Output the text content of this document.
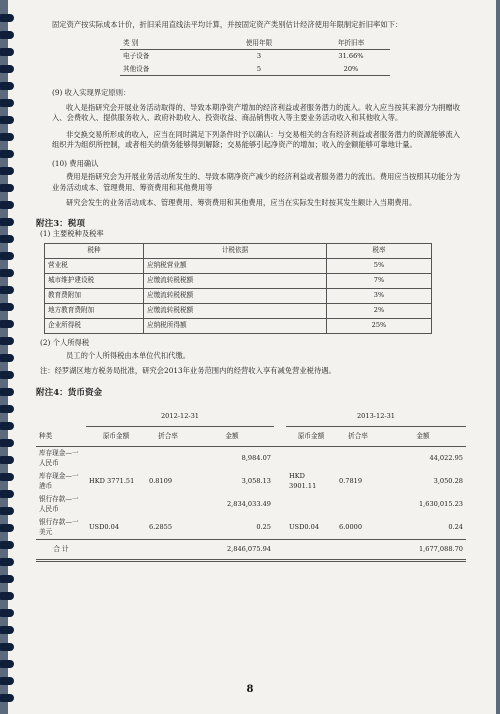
固定资产按实际成本计价，折旧采用直线法平均计算，并按固定资产类别估计经济使用年限制定折旧率如下：

类 别	使用年限	年折旧率
电子设备	3	31.66%
其他设备	5	20%

(9) 收入实现界定原则：

收入是指研究会开展业务活动取得的、导致本期净资产增加的经济利益或者服务潜力的流入。收入应当按其来源分为捐赠收入、会费收入、提供服务收入、政府补助收入、投资收益、商品销售收入等主要业务活动收入和其他收入等。

非交换交易所形成的收入，应当在同时满足下列条件时予以确认：与交易相关的含有经济利益或者服务潜力的资源能够流入组织并为组织所控制，或者相关的债务能够得到解除；交易能够引起净资产的增加；收入的金额能够可靠地计量。

(10) 费用确认

费用是指研究会为开展业务活动所发生的、导致本期净资产减少的经济利益或者服务潜力的流出。费用应当按照其功能分为业务活动成本、管理费用、筹资费用和其他费用等

研究会发生的业务活动成本、管理费用、筹资费用和其他费用，应当在实际发生时按其发生额计入当期费用。

附注3：税项

(1) 主要税种及税率

税种	计税依据	税率
营业税	应纳税营业额	5%
城市维护建设税	应缴流转税税额	7%
教育费附加	应缴流转税税额	3%
地方教育费附加	应缴流转税税额	2%
企业所得税	应纳税所得额	25%

(2) 个人所得税

员工的个人所得税由本单位代扣代缴。

注：经罗湖区地方税务局批准，研究会2013年业务范围内的经营收入享有减免营业税待遇。

附注4：货币资金

	2012-12-31				2013-12-31		
种类	原币金额	折合率	金额		原币金额	折合率	金额
库存现金—一人民币			8,984.07				44,022.95
库存现金—一港币	HKD 3771.51	0.8109	3,058.13		HKD 3901.11	0.7819	3,050.28
银行存款—一人民币			2,834,033.49				1,630,015.23
银行存款—一美元	USD0.04	6.2855	0.25		USD0.04	6.0000	0.24
合 计			2,846,075.94				1,677,088.70
8
